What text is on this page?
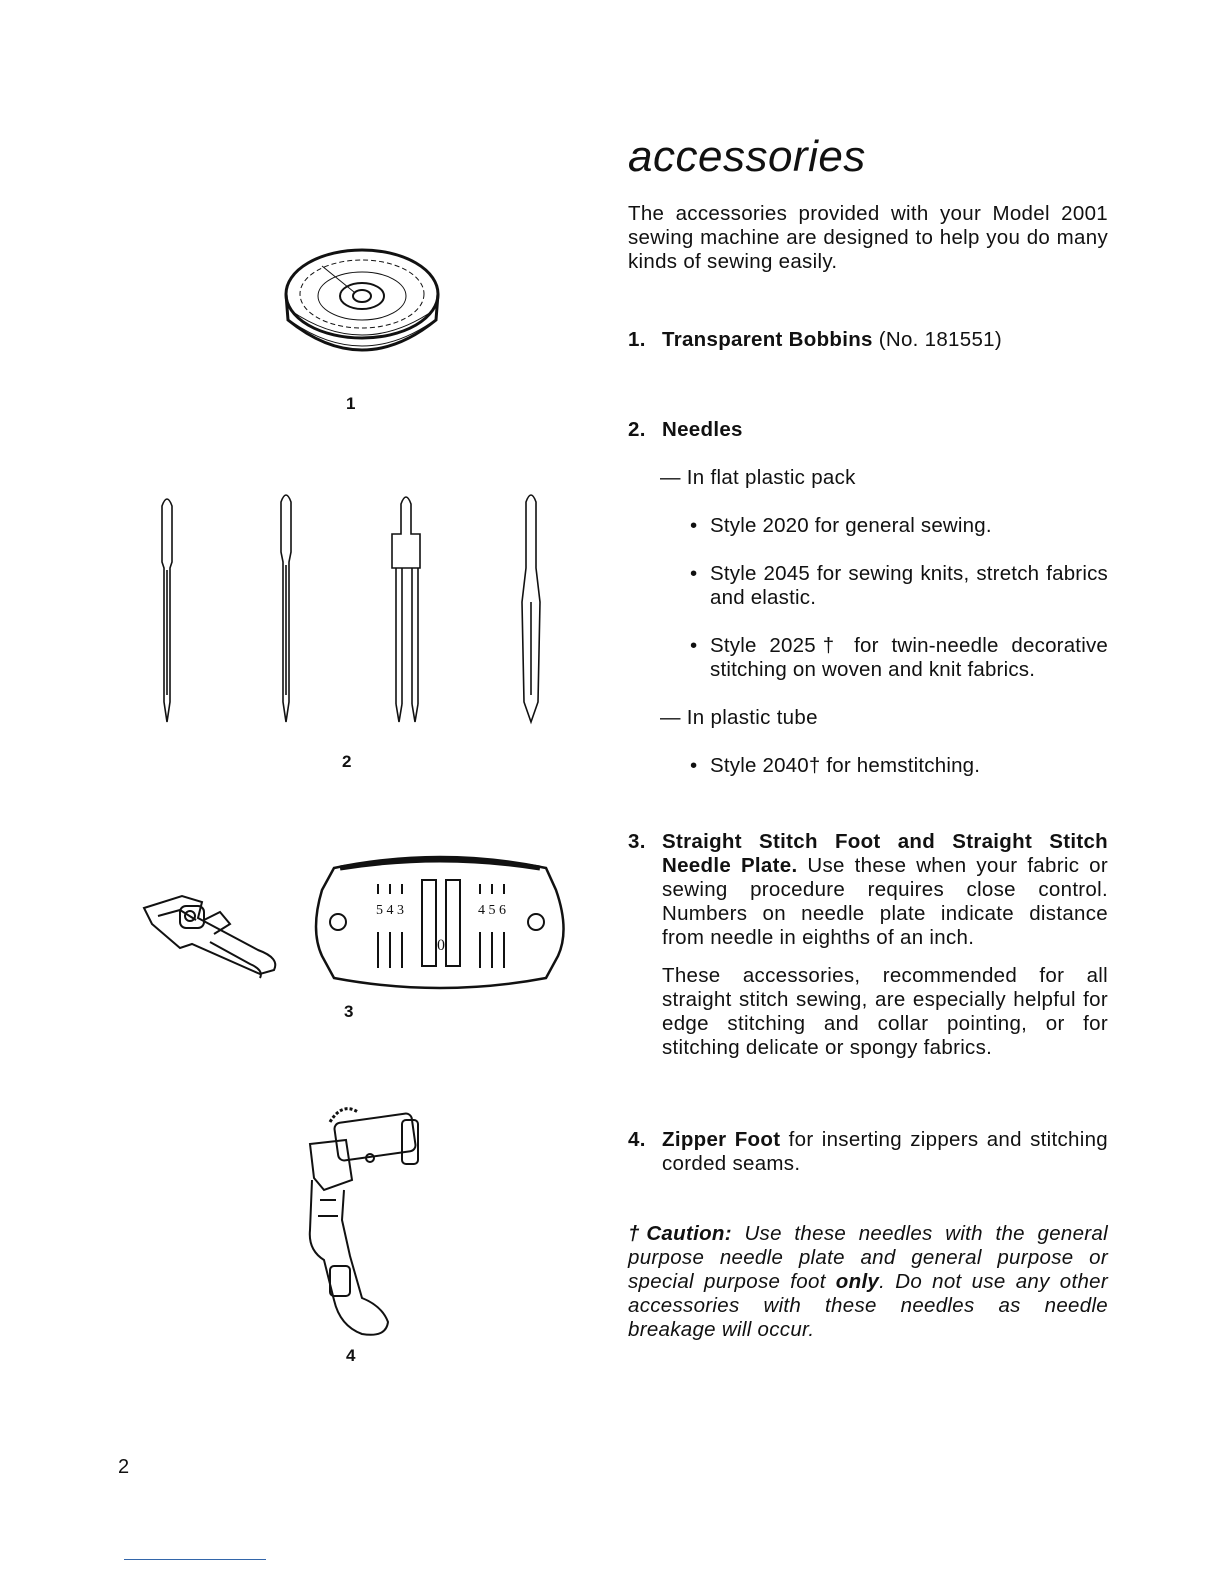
1
2
5 4 3	4 5 6
0
3
4
accessories

The accessories provided with your Model 2001 sewing machine are designed to help you do many kinds of sewing easily.

1. Transparent Bobbins (No. 181551)
2. Needles
— In flat plastic pack
• Style 2020 for general sewing.
• Style 2045 for sewing knits, stretch fabrics and elastic.
• Style 2025† for twin-needle decorative stitching on woven and knit fabrics.
— In plastic tube
• Style 2040† for hemstitching.
3. Straight Stitch Foot and Straight Stitch Needle Plate. Use these when your fabric or sewing procedure requires close control. Numbers on needle plate indicate distance from needle in eighths of an inch.

These accessories, recommended for all straight stitch sewing, are especially helpful for edge stitching and collar pointing, or for stitching delicate or spongy fabrics.

4. Zipper Foot for inserting zippers and stitching corded seams.

†Caution: Use these needles with the general purpose needle plate and general purpose or special purpose foot only. Do not use any other accessories with these needles as needle breakage will occur.

2
